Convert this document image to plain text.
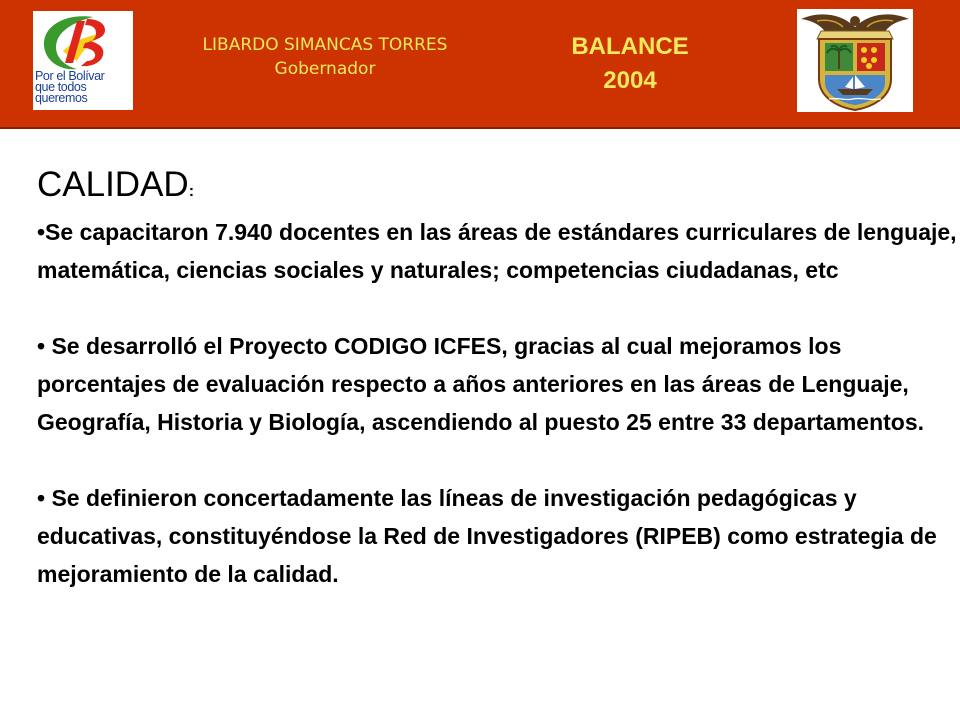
Por el Bolívar
que todos
queremos
LIBARDO SIMANCAS TORRES
Gobernador
BALANCE
2004
CALIDAD:

•Se capacitaron 7.940 docentes en las áreas de estándares curriculares de lenguaje, matemática, ciencias sociales y naturales; competencias ciudadanas, etc

• Se desarrolló el Proyecto CODIGO ICFES, gracias al cual mejoramos los porcentajes de evaluación respecto a años anteriores en las áreas de Lenguaje, Geografía, Historia y Biología, ascendiendo al puesto 25 entre 33 departamentos.

• Se definieron concertadamente las líneas de investigación pedagógicas y educativas, constituyéndose la Red de Investigadores (RIPEB) como estrategia de mejoramiento de la calidad.
